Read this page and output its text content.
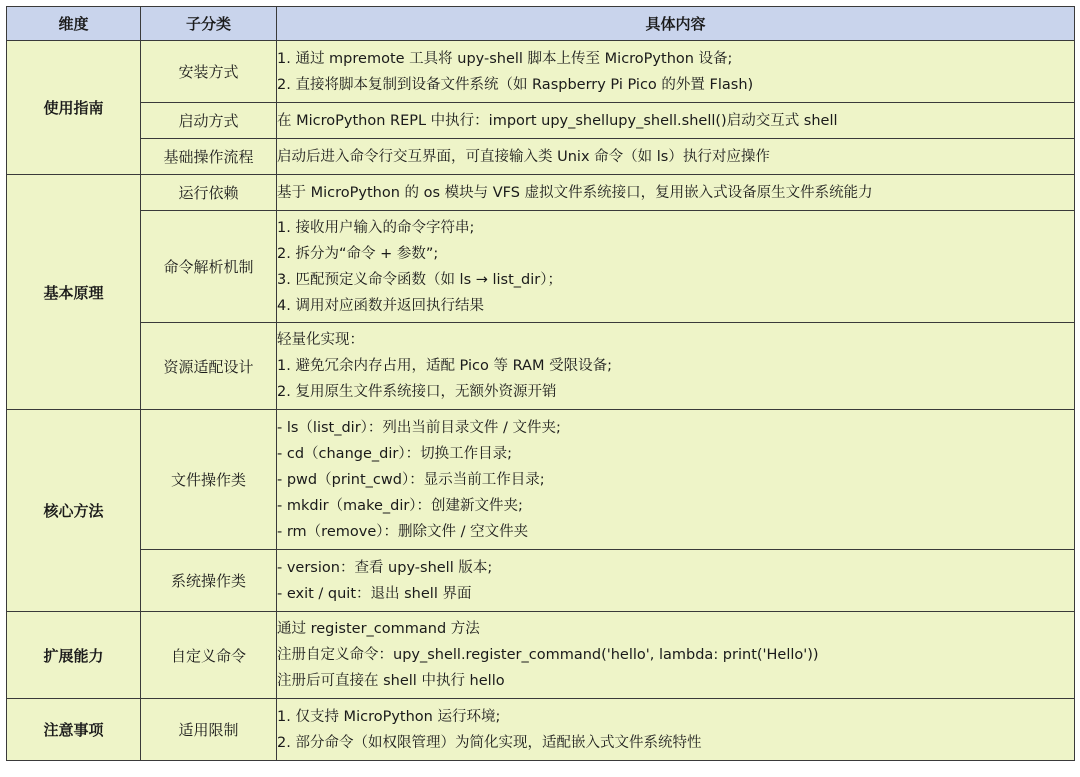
维度	子分类	具体内容
使用指南	安装方式	1. 通过 mpremote 工具将 upy-shell 脚本上传至 MicroPython 设备;
2. 直接将脚本复制到设备文件系统（如 Raspberry Pi Pico 的外置 Flash)

	启动方式	在 MicroPython REPL 中执行：import upy_shellupy_shell.shell()启动交互式 shell

	基础操作流程	启动后进入命令行交互界面，可直接输入类 Unix 命令（如 ls）执行对应操作

基本原理	运行依赖	基于 MicroPython 的 os 模块与 VFS 虚拟文件系统接口，复用嵌入式设备原生文件系统能力

	命令解析机制	1. 接收用户输入的命令字符串;
2. 拆分为“命令 + 参数”;
3. 匹配预定义命令函数（如 ls → list_dir）；
4. 调用对应函数并返回执行结果

	资源适配设计	轻量化实现：
1. 避免冗余内存占用，适配 Pico 等 RAM 受限设备;
2. 复用原生文件系统接口，无额外资源开销

核心方法	文件操作类	- ls（list_dir）：列出当前目录文件 / 文件夹;
- cd（change_dir）：切换工作目录;
- pwd（print_cwd）：显示当前工作目录;
- mkdir（make_dir）：创建新文件夹;
- rm（remove）：删除文件 / 空文件夹

	系统操作类	- version：查看 upy-shell 版本;
- exit / quit：退出 shell 界面

扩展能力	自定义命令	通过 register_command 方法
注册自定义命令：upy_shell.register_command('hello', lambda: print('Hello'))
注册后可直接在 shell 中执行 hello

注意事项	适用限制	1. 仅支持 MicroPython 运行环境;
2. 部分命令（如权限管理）为简化实现，适配嵌入式文件系统特性
